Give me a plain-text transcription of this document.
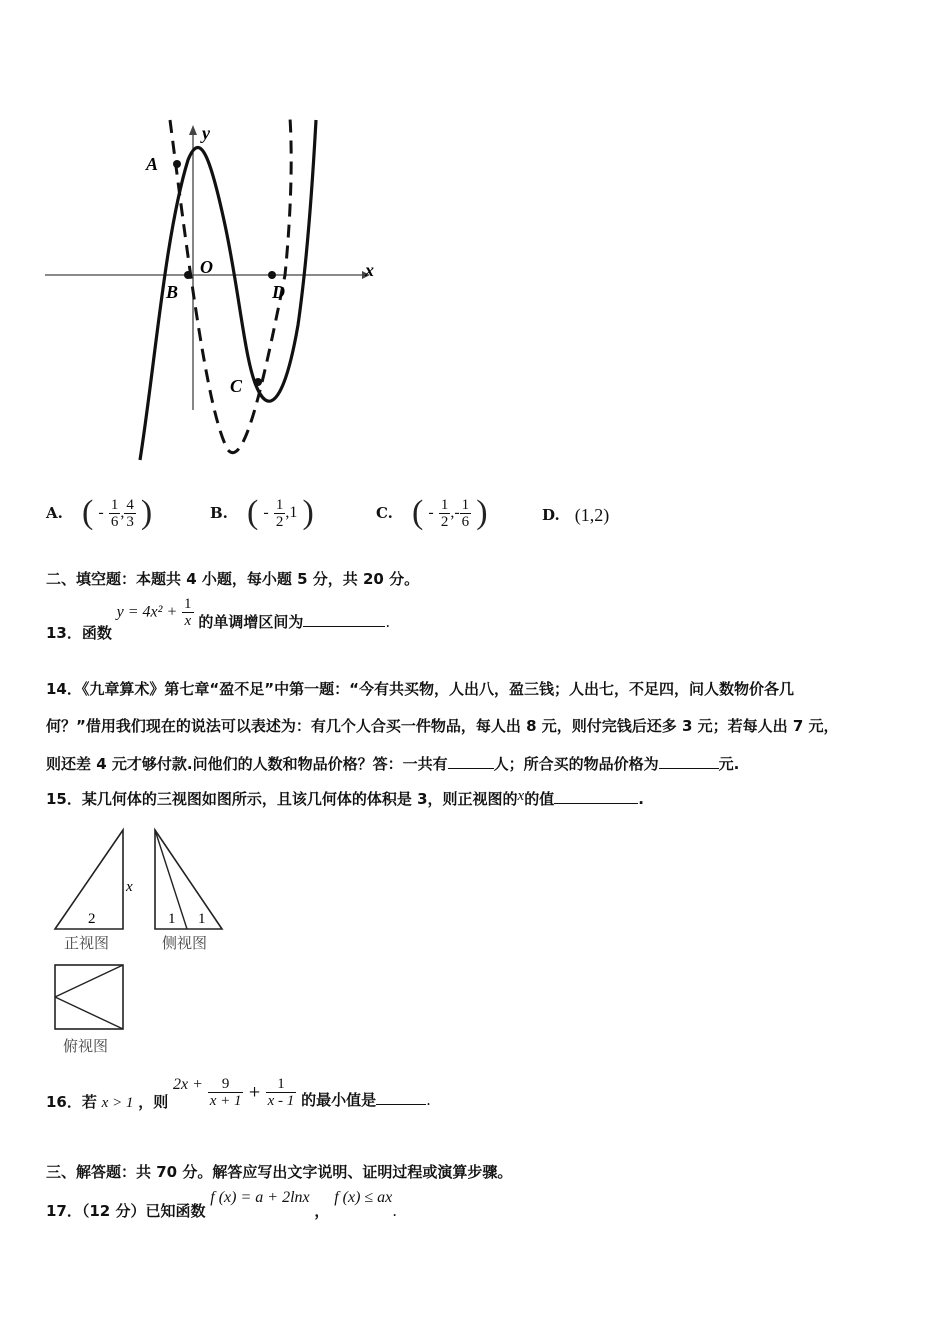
y
x
A
O
B	D
C
A. ( - $\frac{1}{6}$ , $\frac{4}{3}$ )	B. ( - $\frac{1}{2} ,1$ )	C. ( - $\frac{1}{2}$ ,- $\frac{1}{6}$ )	D. (1,2)
二、填空题：本题共 4 小题，每小题 5 分，共 20 分。
13．函数 $y = 4x^2 + \frac{1}{x}$ 的单调增区间为	.
14．《九章算术》第七章“盈不足”中第一题：“今有共买物，人出八，盈三钱；人出七，不足四，问人数物价各几
何？”借用我们现在的说法可以表述为：有几个人合买一件物品，每人出 8 元，则付完钱后还多 3 元；若每人出 7 元，
则还差 4 元才够付款.问他们的人数和物品价格？答：一共有	人；所合买的物品价格为	元.
15．某几何体的三视图如图所示，且该几何体的体积是 3，则正视图的x的值	.
2
x
正视图
1 1
侧视图
俯视图
16．若 x > 1 ，则 $2x + \frac{9}{x + 1} + \frac{1}{x - 1}$ 的最小值是	.
三、解答题：共 70 分。解答应写出文字说明、证明过程或演算步骤。
17．（12 分）已知函数 f (x) = a + 2lnx ， f (x) ≤ ax.
